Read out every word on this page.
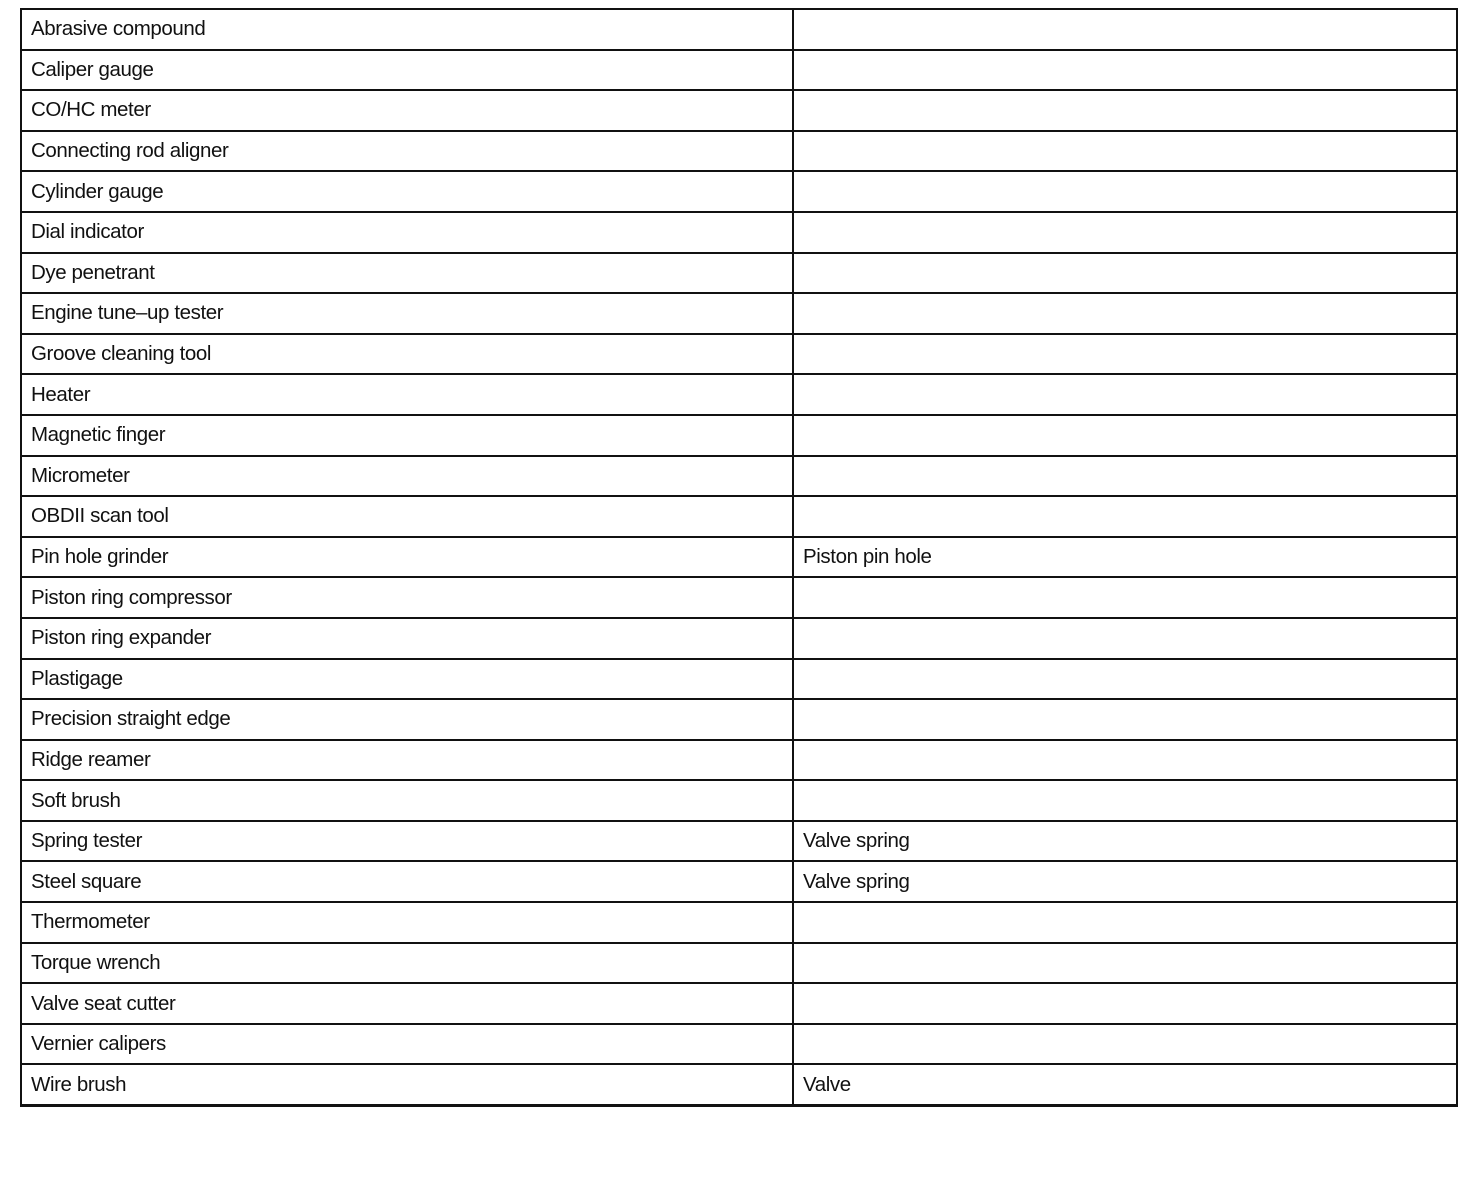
Abrasive compound	
Caliper gauge	
CO/HC meter	
Connecting rod aligner	
Cylinder gauge	
Dial indicator	
Dye penetrant	
Engine tune–up tester	
Groove cleaning tool	
Heater	
Magnetic finger	
Micrometer	
OBDII scan tool	
Pin hole grinder	Piston pin hole
Piston ring compressor	
Piston ring expander	
Plastigage	
Precision straight edge	
Ridge reamer	
Soft brush	
Spring tester	Valve spring
Steel square	Valve spring
Thermometer	
Torque wrench	
Valve seat cutter	
Vernier calipers	
Wire brush	Valve
